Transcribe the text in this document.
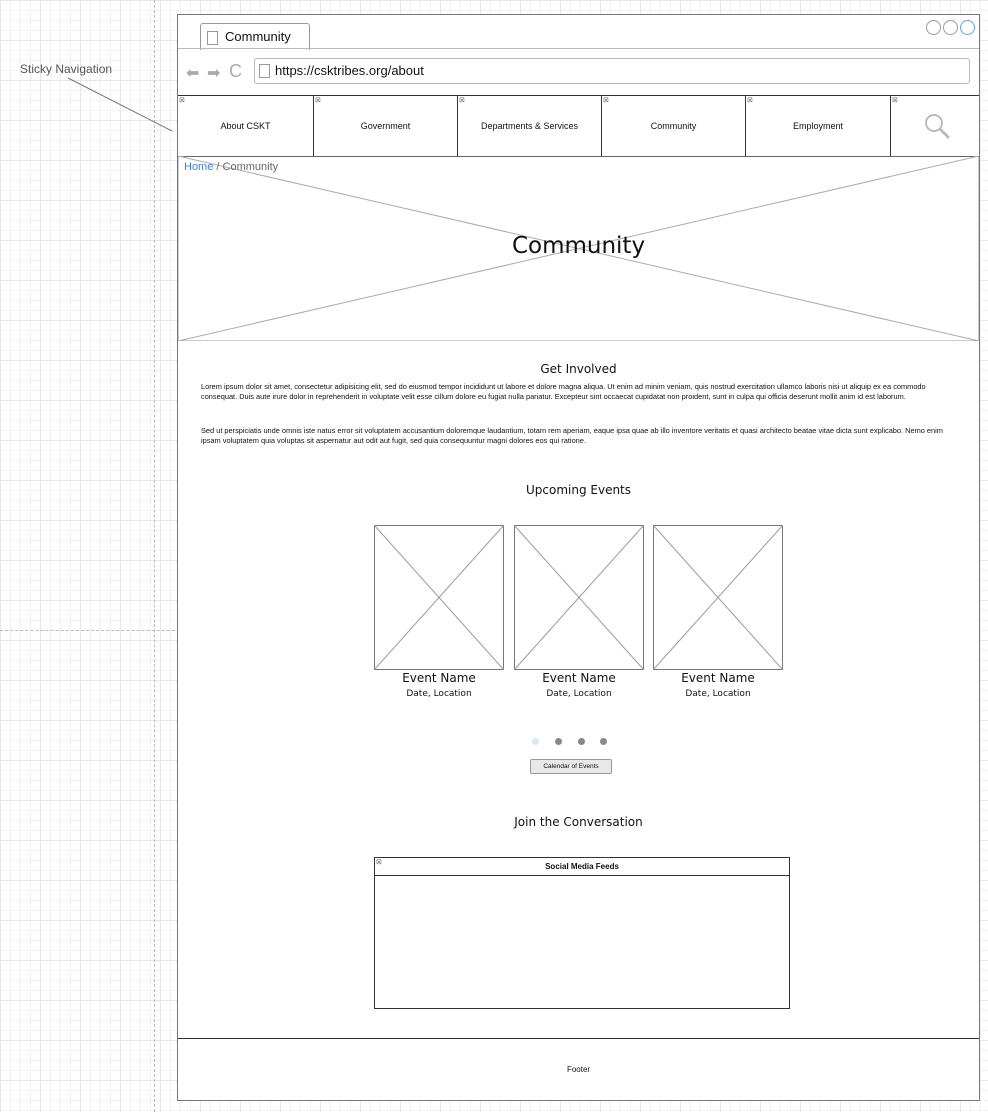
Sticky Navigation
Community
⬅ ➡ C	https://csktribes.org/about
⊠
About CSKT
⊠
Government
⊠
Departments & Services
⊠
Community
⊠
Employment
⊠
Home / Community
Community
Get Involved
Lorem ipsum dolor sit amet, consectetur adipisicing elit, sed do eiusmod tempor incididunt ut labore et dolore magna aliqua. Ut enim ad minim veniam, quis nostrud exercitation ullamco laboris nisi ut aliquip ex ea commodo consequat. Duis aute irure dolor in reprehenderit in voluptate velit esse cillum dolore eu fugiat nulla pariatur. Excepteur sint occaecat cupidatat non proident, sunt in culpa qui officia deserunt mollit anim id est laborum.
Sed ut perspiciatis unde omnis iste natus error sit voluptatem accusantium doloremque laudantium, totam rem aperiam, eaque ipsa quae ab illo inventore veritatis et quasi architecto beatae vitae dicta sunt explicabo. Nemo enim ipsam voluptatem quia voluptas sit aspernatur aut odit aut fugit, sed quia consequuntur magni dolores eos qui ratione.
Upcoming Events
Event Name
Date, Location
Event Name
Date, Location
Event Name
Date, Location
Calendar of Events
Join the Conversation
⊠	Social Media Feeds
Footer
